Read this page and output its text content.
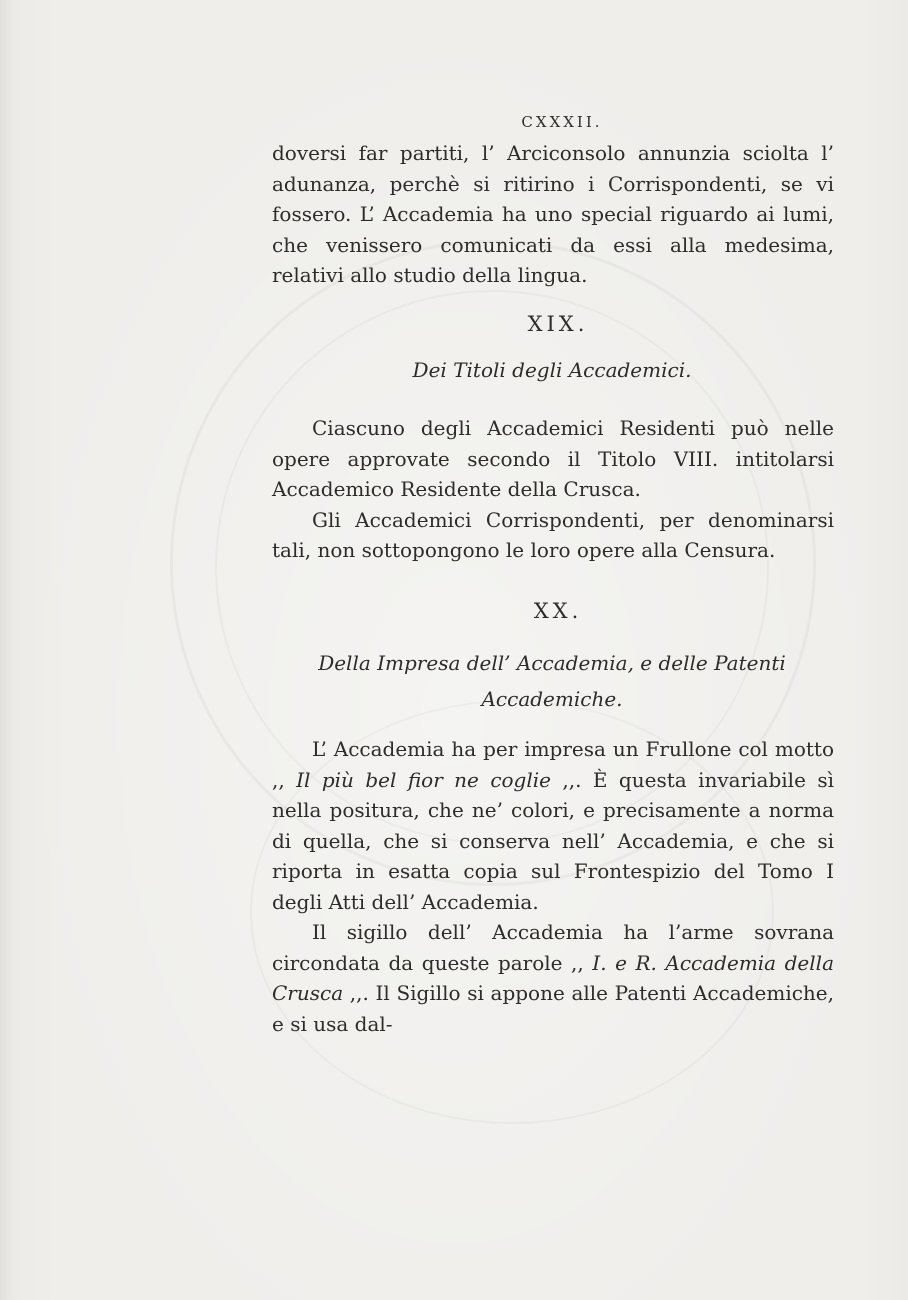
CXXXII.

doversi far partiti, l’ Arciconsolo annunzia sciolta l’ adunanza, perchè si ritirino i Corrispondenti, se vi fossero. L’ Accademia ha uno special riguardo ai lumi, che venissero comunicati da essi alla medesima, relativi allo studio della lingua.

XIX.
Dei Titoli degli Accademici.

Ciascuno degli Accademici Residenti può nelle opere approvate secondo il Titolo VIII. intitolarsi Accademico Residente della Crusca.

Gli Accademici Corrispondenti, per denominarsi tali, non sottopongono le loro opere alla Censura.

XX.
Della Impresa dell’ Accademia, e delle Patenti
Accademiche.

L’ Accademia ha per impresa un Frullone col motto ,, Il più bel fior ne coglie ,,. È questa invariabile sì nella positura, che ne’ colori, e precisamente a norma di quella, che si conserva nell’ Accademia, e che si riporta in esatta copia sul Frontespizio del Tomo I degli Atti dell’ Accademia.

Il sigillo dell’ Accademia ha l’arme sovrana circondata da queste parole ,, I. e R. Accademia della Crusca ,,. Il Sigillo si appone alle Patenti Accademiche, e si usa dal-
